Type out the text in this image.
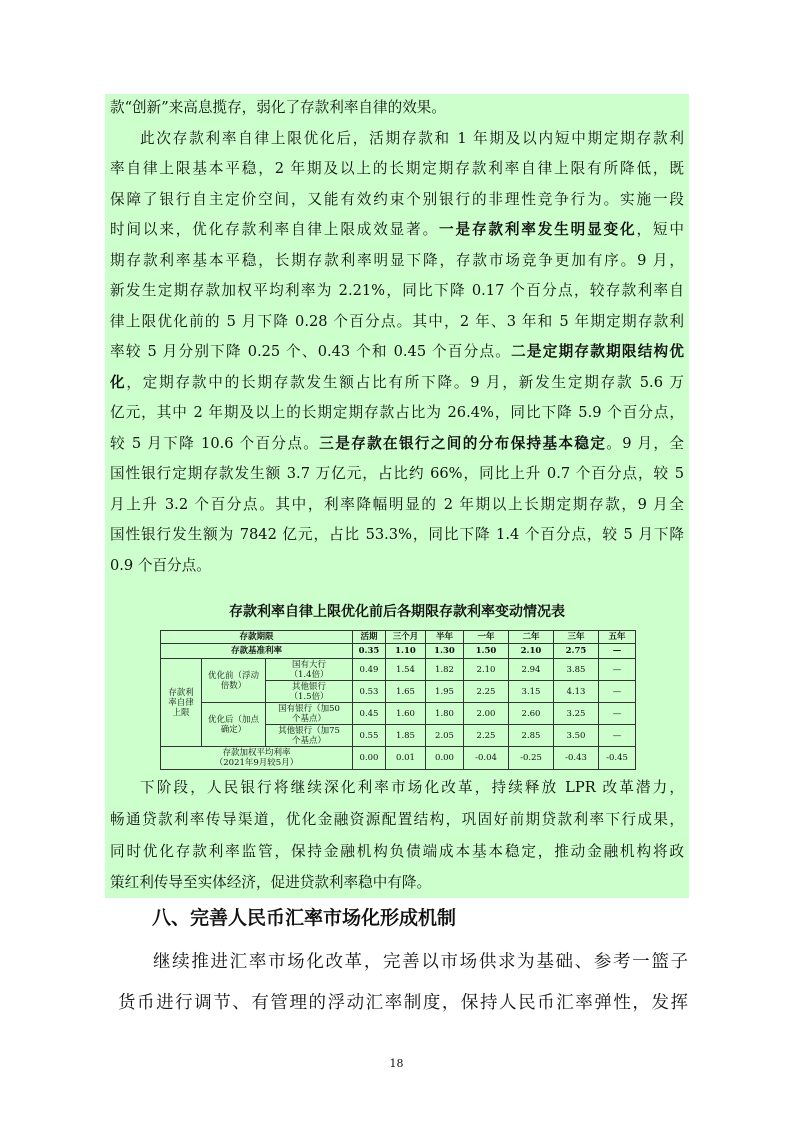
款“创新”来高息揽存，弱化了存款利率自律的效果。
此次存款利率自律上限优化后，活期存款和 1 年期及以内短中期定期存款利
率自律上限基本平稳，2 年期及以上的长期定期存款利率自律上限有所降低，既
保障了银行自主定价空间，又能有效约束个别银行的非理性竞争行为。实施一段
时间以来，优化存款利率自律上限成效显著。一是存款利率发生明显变化，短中
期存款利率基本平稳，长期存款利率明显下降，存款市场竞争更加有序。9 月，
新发生定期存款加权平均利率为 2.21%，同比下降 0.17 个百分点，较存款利率自
律上限优化前的 5 月下降 0.28 个百分点。其中，2 年、3 年和 5 年期定期存款利
率较 5 月分别下降 0.25 个、0.43 个和 0.45 个百分点。二是定期存款期限结构优
化，定期存款中的长期存款发生额占比有所下降。9 月，新发生定期存款 5.6 万
亿元，其中 2 年期及以上的长期定期存款占比为 26.4%，同比下降 5.9 个百分点，
较 5 月下降 10.6 个百分点。三是存款在银行之间的分布保持基本稳定。9 月，全
国性银行定期存款发生额 3.7 万亿元，占比约 66%，同比上升 0.7 个百分点，较 5
月上升 3.2 个百分点。其中，利率降幅明显的 2 年期以上长期定期存款，9 月全
国性银行发生额为 7842 亿元，占比 53.3%，同比下降 1.4 个百分点，较 5 月下降
0.9 个百分点。
存款利率自律上限优化前后各期限存款利率变动情况表
存款期限			活期	三个月	半年	一年	二年	三年	五年
存款基准利率			0.35	1.10	1.30	1.50	2.10	2.75	—
存款利率自律上限	优化前（浮动倍数）	国有大行（1.4倍）	0.49	1.54	1.82	2.10	2.94	3.85	—
		其他银行（1.5倍）	0.53	1.65	1.95	2.25	3.15	4.13	—
	优化后（加点确定）	国有银行（加50个基点）	0.45	1.60	1.80	2.00	2.60	3.25	—
		其他银行（加75个基点）	0.55	1.85	2.05	2.25	2.85	3.50	—
存款加权平均利率（2021年9月较5月）			0.00	0.01	0.00	-0.04	-0.25	-0.43	-0.45
下阶段，人民银行将继续深化利率市场化改革，持续释放 LPR 改革潜力，
畅通贷款利率传导渠道，优化金融资源配置结构，巩固好前期贷款利率下行成果，
同时优化存款利率监管，保持金融机构负债端成本基本稳定，推动金融机构将政
策红利传导至实体经济，促进贷款利率稳中有降。
八、完善人民币汇率市场化形成机制
继续推进汇率市场化改革，完善以市场供求为基础、参考一篮子
货币进行调节、有管理的浮动汇率制度，保持人民币汇率弹性，发挥
18
